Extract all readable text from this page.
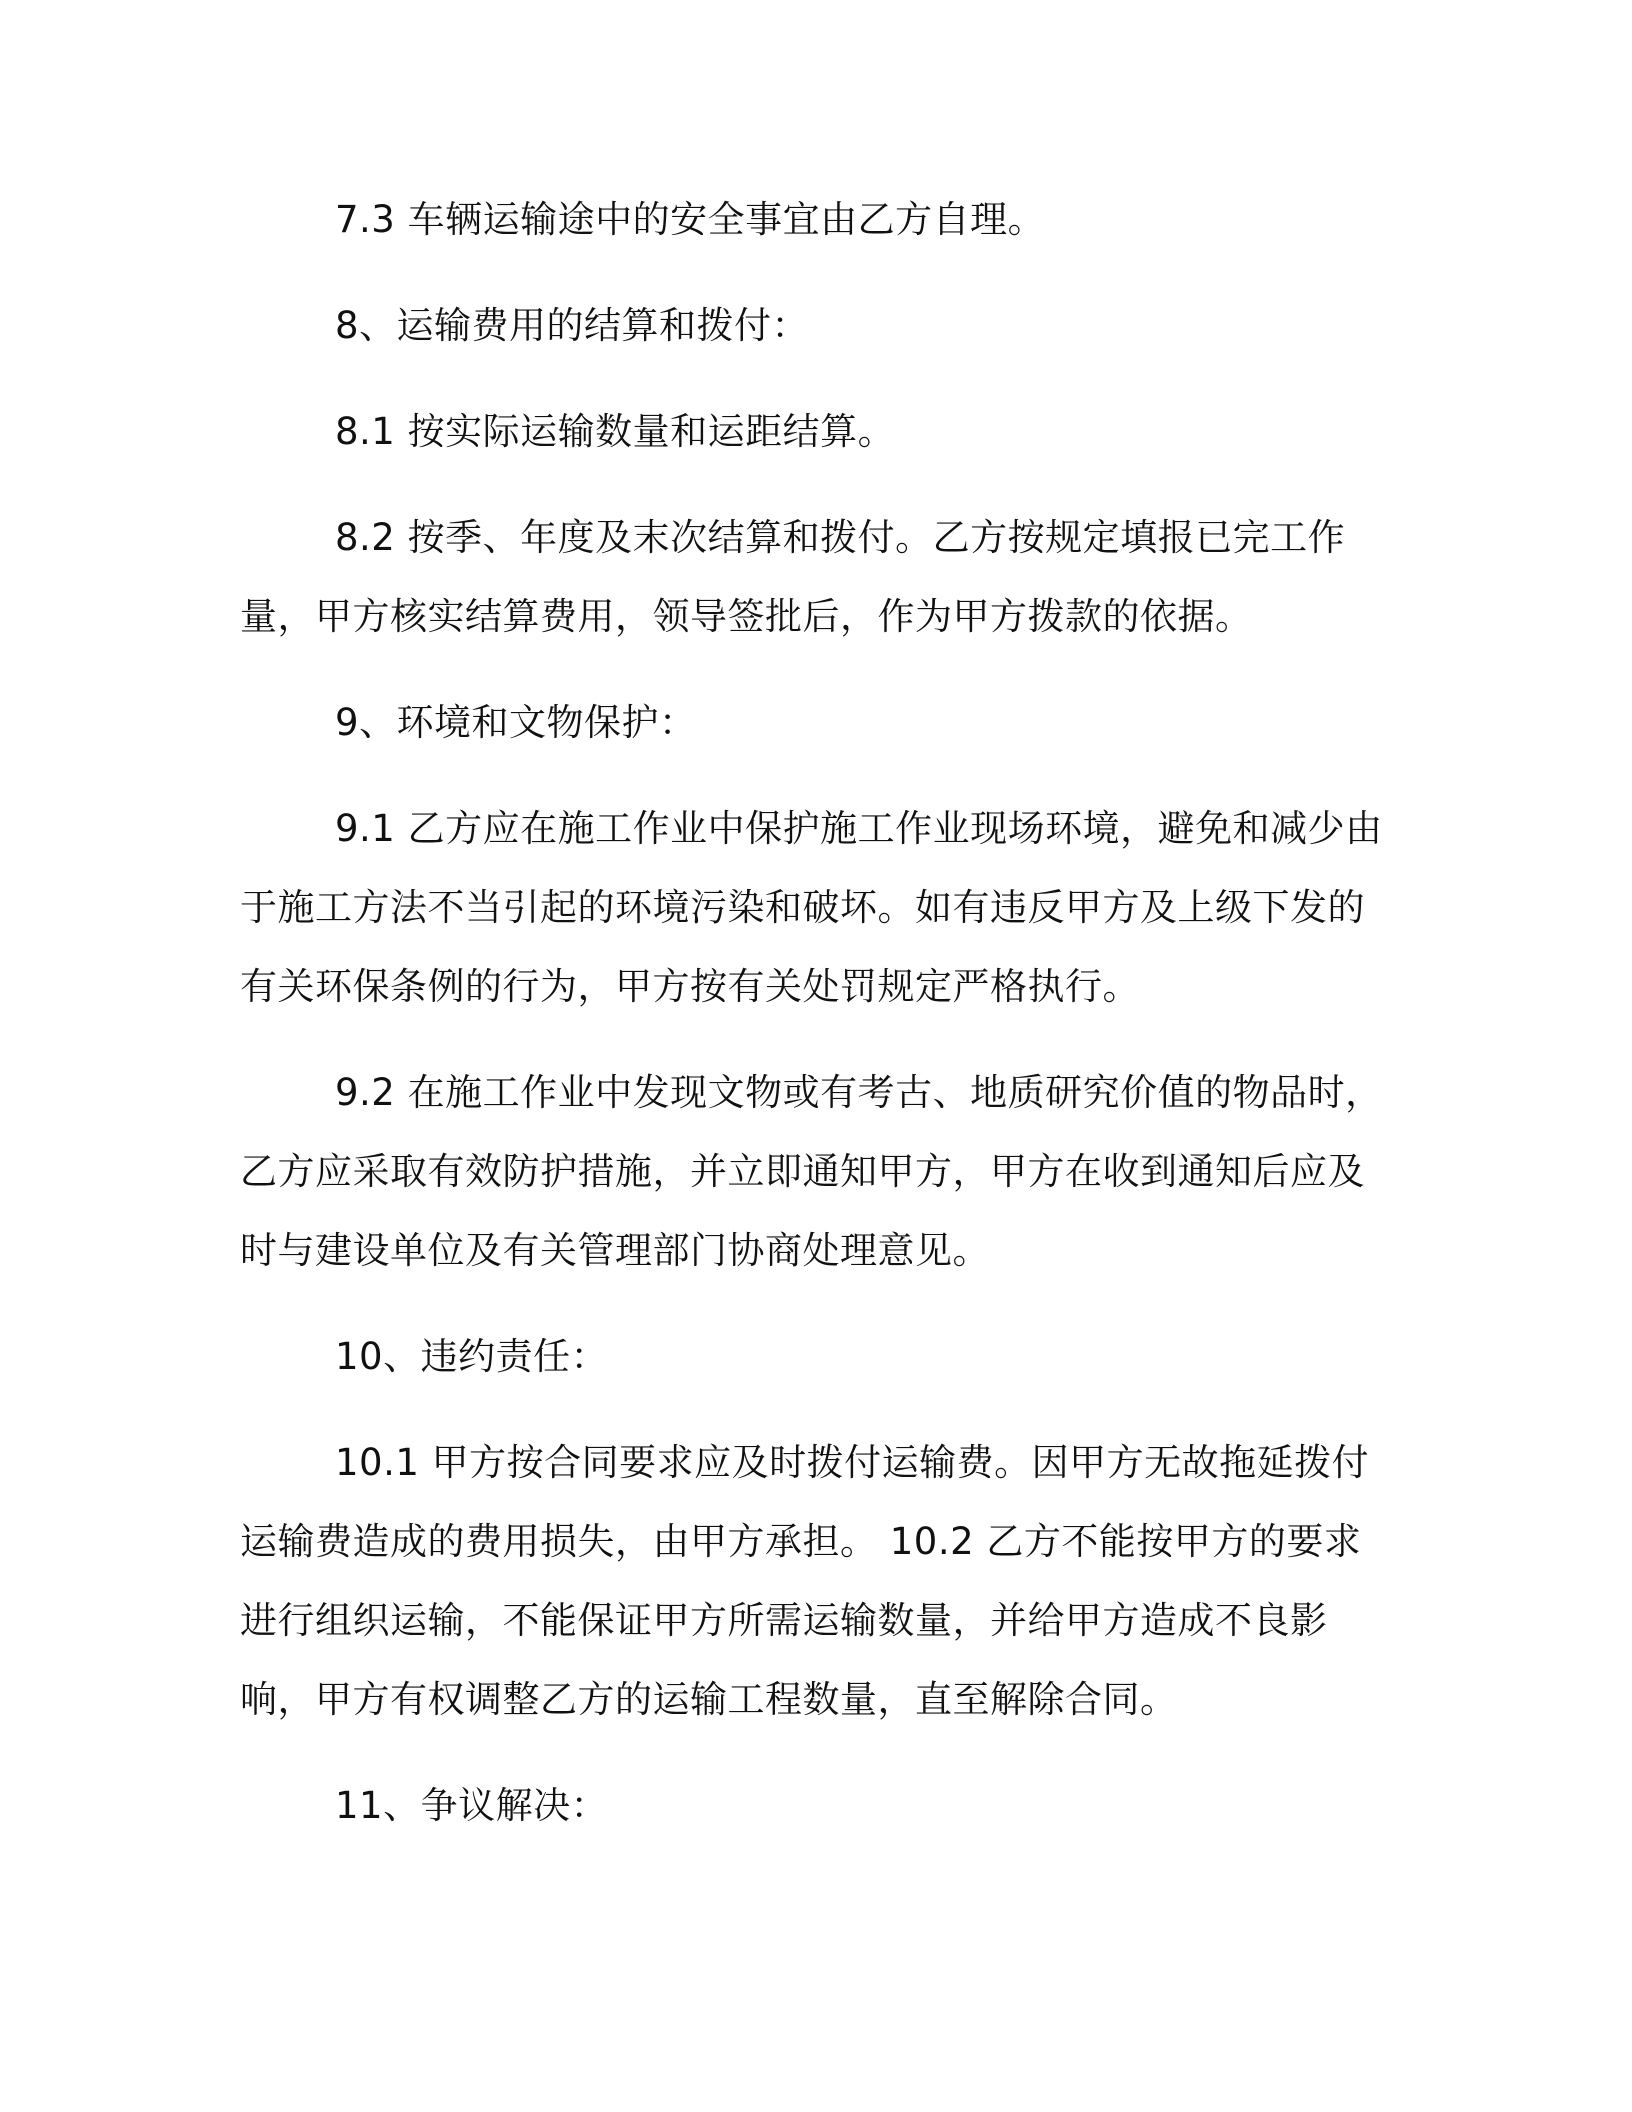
7.3 车辆运输途中的安全事宜由乙方自理。

8、运输费用的结算和拨付：

8.1 按实际运输数量和运距结算。

8.2 按季、年度及末次结算和拨付。乙方按规定填报已完工作量，甲方核实结算费用，领导签批后，作为甲方拨款的依据。

9、环境和文物保护：

9.1 乙方应在施工作业中保护施工作业现场环境，避免和减少由于施工方法不当引起的环境污染和破坏。如有违反甲方及上级下发的有关环保条例的行为，甲方按有关处罚规定严格执行。

9.2 在施工作业中发现文物或有考古、地质研究价值的物品时，乙方应采取有效防护措施，并立即通知甲方，甲方在收到通知后应及时与建设单位及有关管理部门协商处理意见。

10、违约责任：

10.1 甲方按合同要求应及时拨付运输费。因甲方无故拖延拨付运输费造成的费用损失，由甲方承担。 10.2 乙方不能按甲方的要求进行组织运输，不能保证甲方所需运输数量，并给甲方造成不良影响，甲方有权调整乙方的运输工程数量，直至解除合同。

11、争议解决：
